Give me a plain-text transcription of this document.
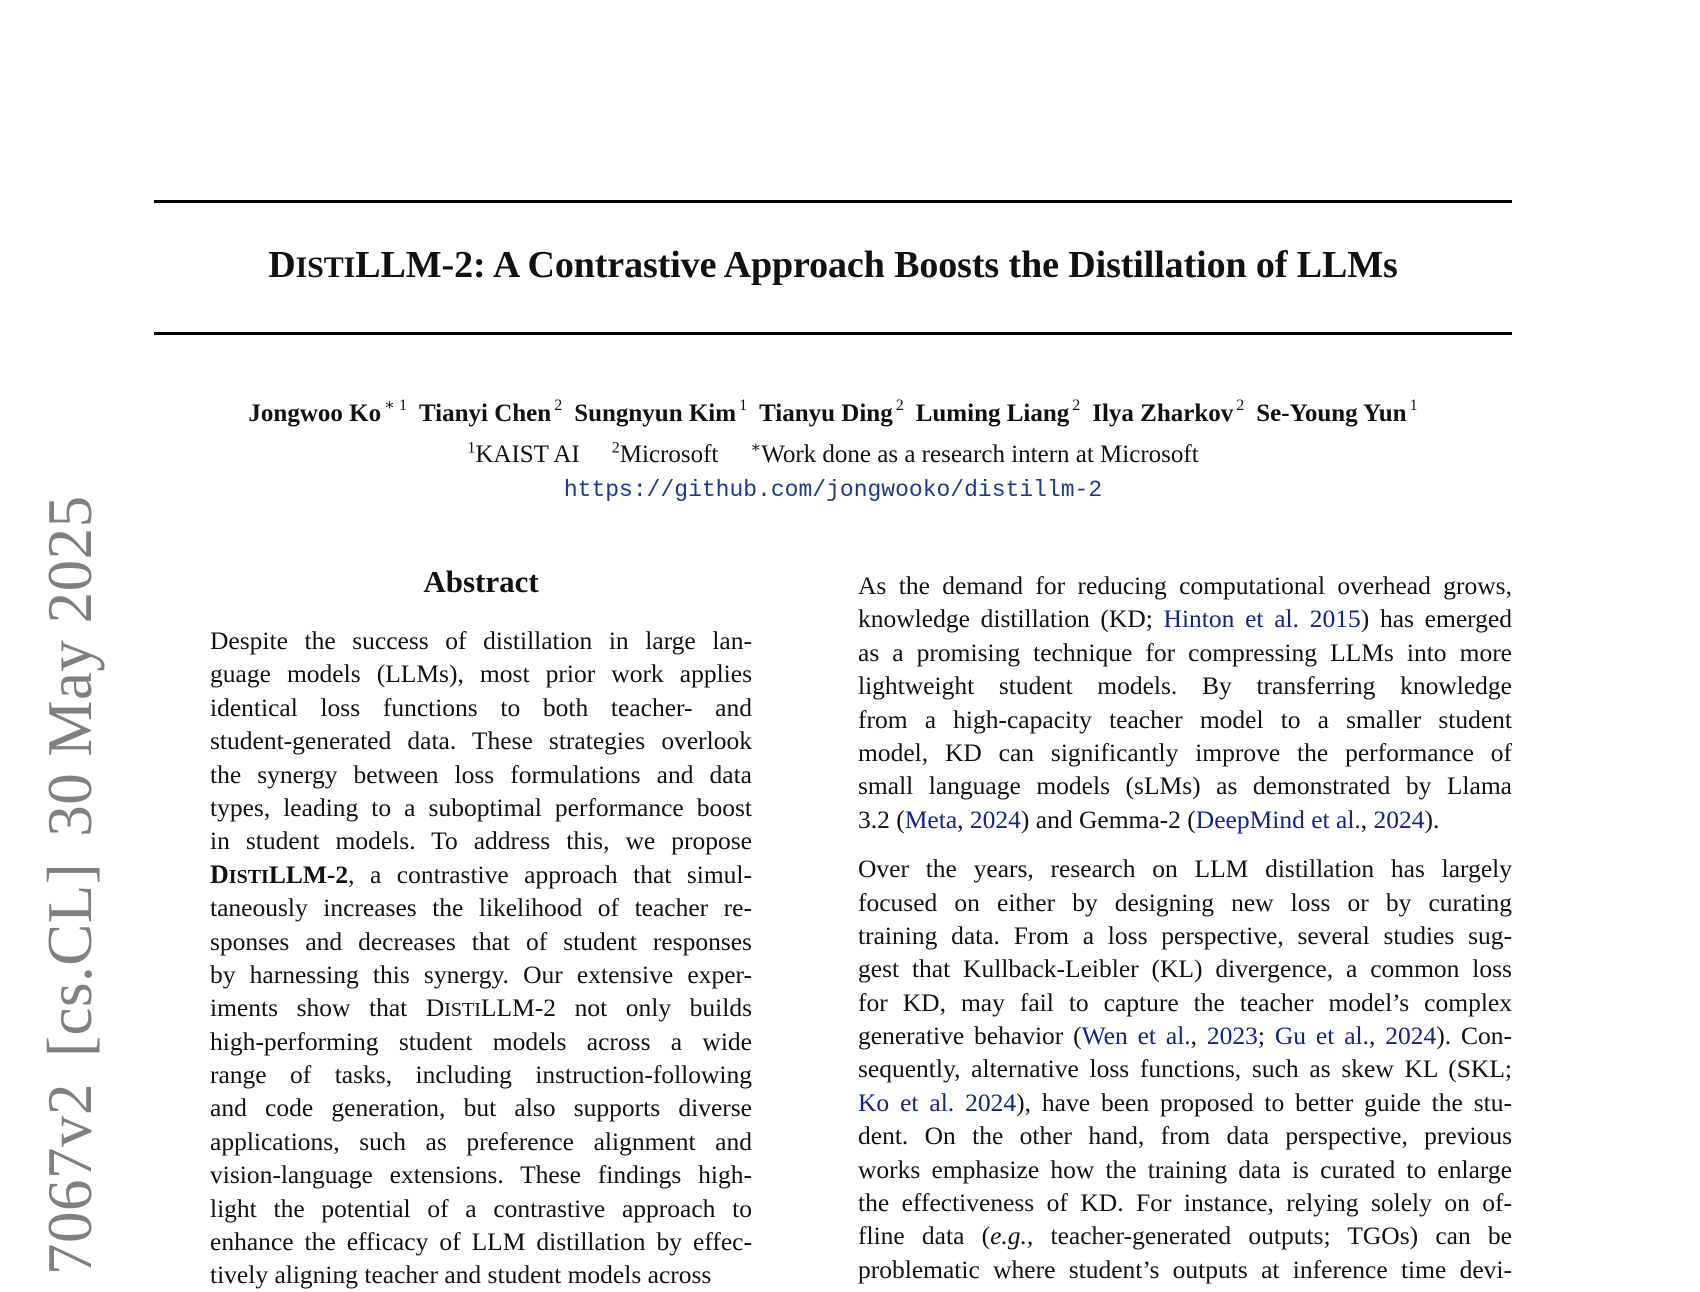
7067v2[cs.CL]30 May 2025
DISTILLM-2: A Contrastive Approach Boosts the Distillation of LLMs
Jongwoo Ko $^{∗ 1}$ Tianyi Chen $^2$ Sungnyun Kim $^1$ Tianyu Ding $^2$ Luming Liang $^2$ Ilya Zharkov $^2$ Se-Young Yun $^1$
$^1$KAIST AI $^2$Microsoft ∗Work done as a research intern at Microsoft
https://github.com/jongwooko/distillm-2
Abstract
Despite the success of distillation in large lan-
guage models (LLMs), most prior work applies
identical loss functions to both teacher- and
student-generated data. These strategies overlook
the synergy between loss formulations and data
types, leading to a suboptimal performance boost
in student models. To address this, we propose
DISTILLM-2, a contrastive approach that simul-
taneously increases the likelihood of teacher re-
sponses and decreases that of student responses
by harnessing this synergy. Our extensive exper-
iments show that DISTILLM-2 not only builds
high-performing student models across a wide
range of tasks, including instruction-following
and code generation, but also supports diverse
applications, such as preference alignment and
vision-language extensions. These findings high-
light the potential of a contrastive approach to
enhance the efficacy of LLM distillation by effec-
tively aligning teacher and student models across
As the demand for reducing computational overhead grows,
knowledge distillation (KD; Hinton et al. 2015) has emerged
as a promising technique for compressing LLMs into more
lightweight student models. By transferring knowledge
from a high-capacity teacher model to a smaller student
model, KD can significantly improve the performance of
small language models (sLMs) as demonstrated by Llama
3.2 (Meta, 2024) and Gemma-2 (DeepMind et al., 2024).
Over the years, research on LLM distillation has largely
focused on either by designing new loss or by curating
training data. From a loss perspective, several studies sug-
gest that Kullback-Leibler (KL) divergence, a common loss
for KD, may fail to capture the teacher model’s complex
generative behavior (Wen et al., 2023; Gu et al., 2024). Con-
sequently, alternative loss functions, such as skew KL (SKL;
Ko et al. 2024), have been proposed to better guide the stu-
dent. On the other hand, from data perspective, previous
works emphasize how the training data is curated to enlarge
the effectiveness of KD. For instance, relying solely on of-
fline data (e.g., teacher-generated outputs; TGOs) can be
problematic where student’s outputs at inference time devi-
